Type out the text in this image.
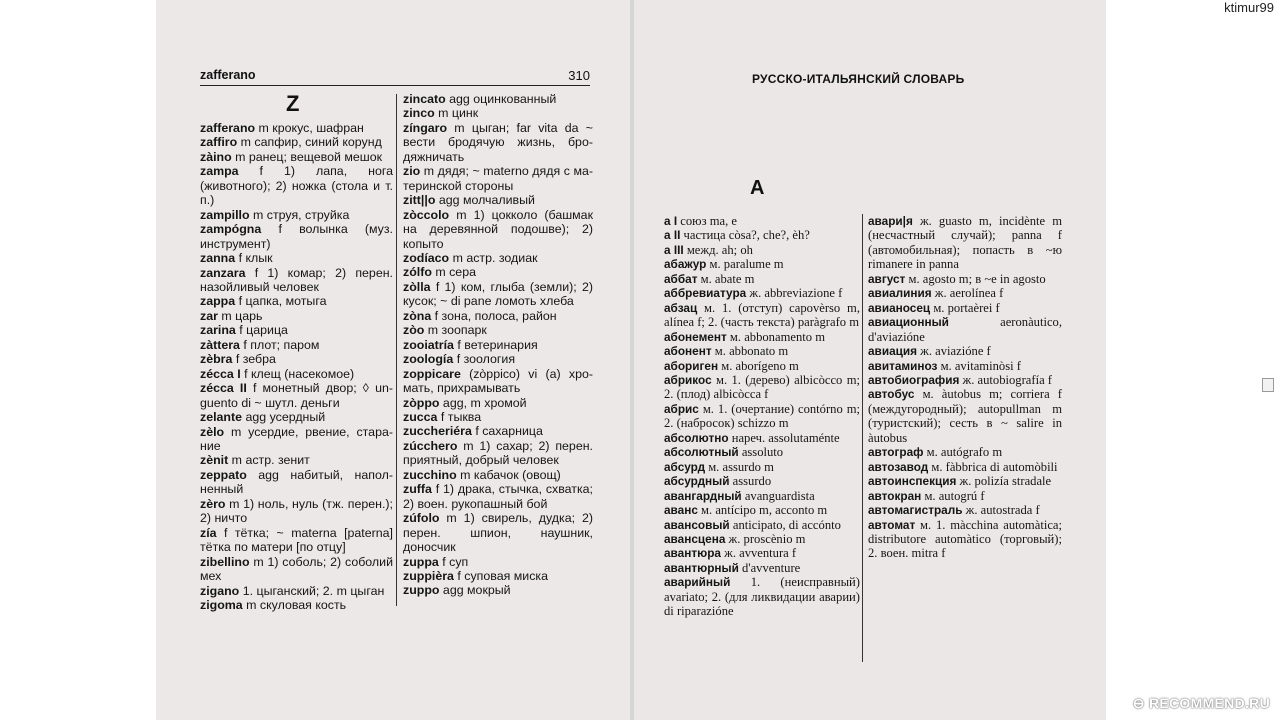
ktimur99
zafferano	310
Z
zafferano m крокус, шафран
zaffiro m сапфир, синий корунд
zàino m ранец; вещевой мешок
zampa f 1) лапа, нога (животного); 2) ножка (стола и т. п.)
zampillo m струя, струйка
zampógna f волынка (муз. инструмент)
zanna f клык
zanzara f 1) комар; 2) перен. назойливый человек
zappa f цапка, мотыга
zar m царь
zarina f царица
zàttera f плот; паром
zèbra f зебра
zécca I f клещ (насекомое)
zécca II f монетный двор; ◊ unguento di ~ шутл. деньги
zelante agg усердный
zèlo m усердие, рвение, старание
zènit m астр. зенит
zeppato agg набитый, наполненный
zèro m 1) ноль, нуль (тж. перен.); 2) ничто
zía f тётка; ~ materna [paterna] тётка по матери [по отцу]
zibellino m 1) соболь; 2) соболий мех
zigano 1. цыганский; 2. m цыган
zigoma m скуловая кость
zincato agg оцинкованный
zinco m цинк
zíngaro m цыган; far vita da ~ вести бродячую жизнь, бродяжничать
zio m дядя; ~ materno дядя с материнской стороны
zitt||o agg молчаливый
zòccolo m 1) цокколо (башмак на деревянной подошве); 2) копыто
zodíaco m астр. зодиак
zólfo m сера
zòlla f 1) ком, глыба (земли); 2) кусок; ~ di pane ломоть хлеба
zòna f зона, полоса, район
zòo m зоопарк
zooiatría f ветеринария
zoología f зоология
zoppicare (zòppico) vi (a) хромать, прихрамывать
zòppo agg, m хромой
zucca f тыква
zuccheriéra f сахарница
zúcchero m 1) сахар; 2) перен. приятный, добрый человек
zucchino m кабачок (овощ)
zuffa f 1) драка, стычка, схватка; 2) воен. рукопашный бой
zúfolo m 1) свирель, дудка; 2) перен. шпион, наушник, доносчик
zuppa f суп
zuppièra f суповая миска
zuppo agg мокрый
РУССКО-ИТАЛЬЯНСКИЙ СЛОВАРЬ
А
а I союз ma, e
а II частица còsa?, che?, èh?
а III межд. ah; oh
абажур м. paralume m
аббат м. abate m
аббревиатура ж. abbreviazione f
абзац м. 1. (отступ) capovèrso m, alínea f; 2. (часть текста) paràgrafo m
абонемент м. abbonamento m
абонент м. abbonato m
абориген м. aborígeno m
абрикос м. 1. (дерево) albicòcco m; 2. (плод) albicòcca f
абрис м. 1. (очертание) contórno m; 2. (набросок) schizzo m
абсолютно нареч. assolutaménte
абсолютный assoluto
абсурд м. assurdo m
абсурдный assurdo
авангардный avanguardista
аванс м. antícipo m, acconto m
авансовый anticipato, di accónto
авансцена ж. proscènio m
авантюра ж. avventura f
авантюрный d'avventure
аварийный 1. (неисправный) avariato; 2. (для ликвидации аварии) di riparazióne
авари|я ж. guasto m, incidènte m (несчастный случай); panna f (автомобильная); попасть в ~ю rimanere in panna
август м. agosto m; в ~е in agosto
авиалиния ж. aerolínea f
авианосец м. portaèrei f
авиационный aeronàutico, d'aviazióne
авиация ж. aviazióne f
авитаминоз м. avitaminòsi f
автобиография ж. autobiografía f
автобус м. àutobus m; corriera f (междугородный); autopullman m (туристский); сесть в ~ salire in àutobus
автограф м. autógrafo m
автозавод м. fàbbrica di automòbili
автоинспекция ж. polizía stradale
автокран м. autogrú f
автомагистраль ж. autostrada f
автомат м. 1. màcchina automàtica; distributore automàtico (торговый); 2. воен. mitra f
⊖ RECOMMEND.RU
